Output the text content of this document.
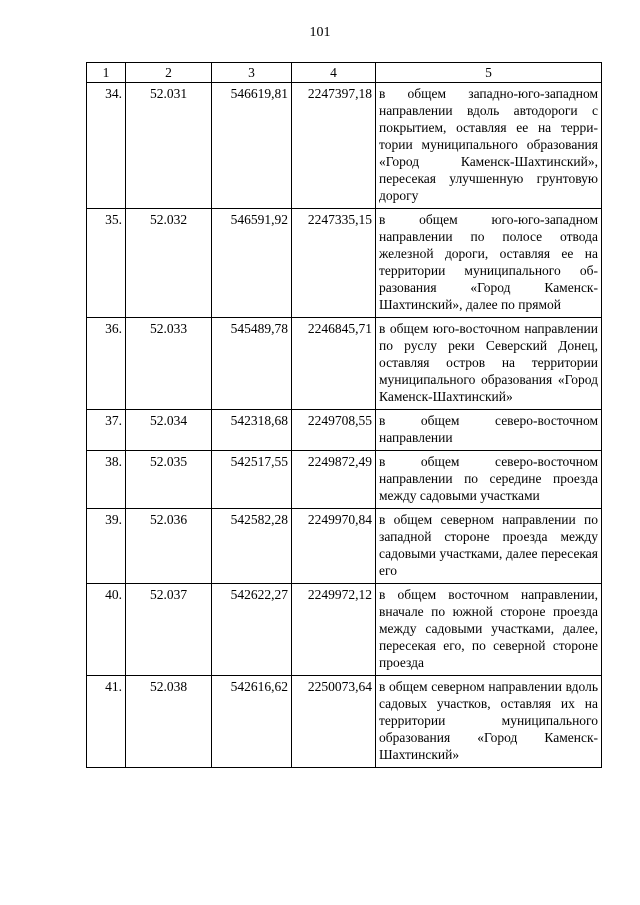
101
1	2	3	4	5
34.	52.031	546619,81	2247397,18	в общем западно-юго-западном направлении вдоль автодороги с покрытием, оставляя ее на территории муниципального образования «Город Каменск-Шахтинский», пересекая улучшенную грунтовую дорогу
35.	52.032	546591,92	2247335,15	в общем юго-юго-западном направлении по полосе отвода железной дороги, оставляя ее на территории муниципального образования «Город Каменск-Шахтинский», далее по прямой
36.	52.033	545489,78	2246845,71	в общем юго-восточном направлении по руслу реки Северский Донец, оставляя остров на территории муниципального образования «Город Каменск-Шахтинский»
37.	52.034	542318,68	2249708,55	в общем северо-восточном направлении
38.	52.035	542517,55	2249872,49	в общем северо-восточном направлении по середине проезда между садовыми участками
39.	52.036	542582,28	2249970,84	в общем северном направлении по западной стороне проезда между садовыми участками, далее пересекая его
40.	52.037	542622,27	2249972,12	в общем восточном направлении, вначале по южной стороне проезда между садовыми участками, далее, пересекая его, по северной стороне проезда
41.	52.038	542616,62	2250073,64	в общем северном направлении вдоль садовых участков, оставляя их на территории муниципального образования «Город Каменск-Шахтинский»
